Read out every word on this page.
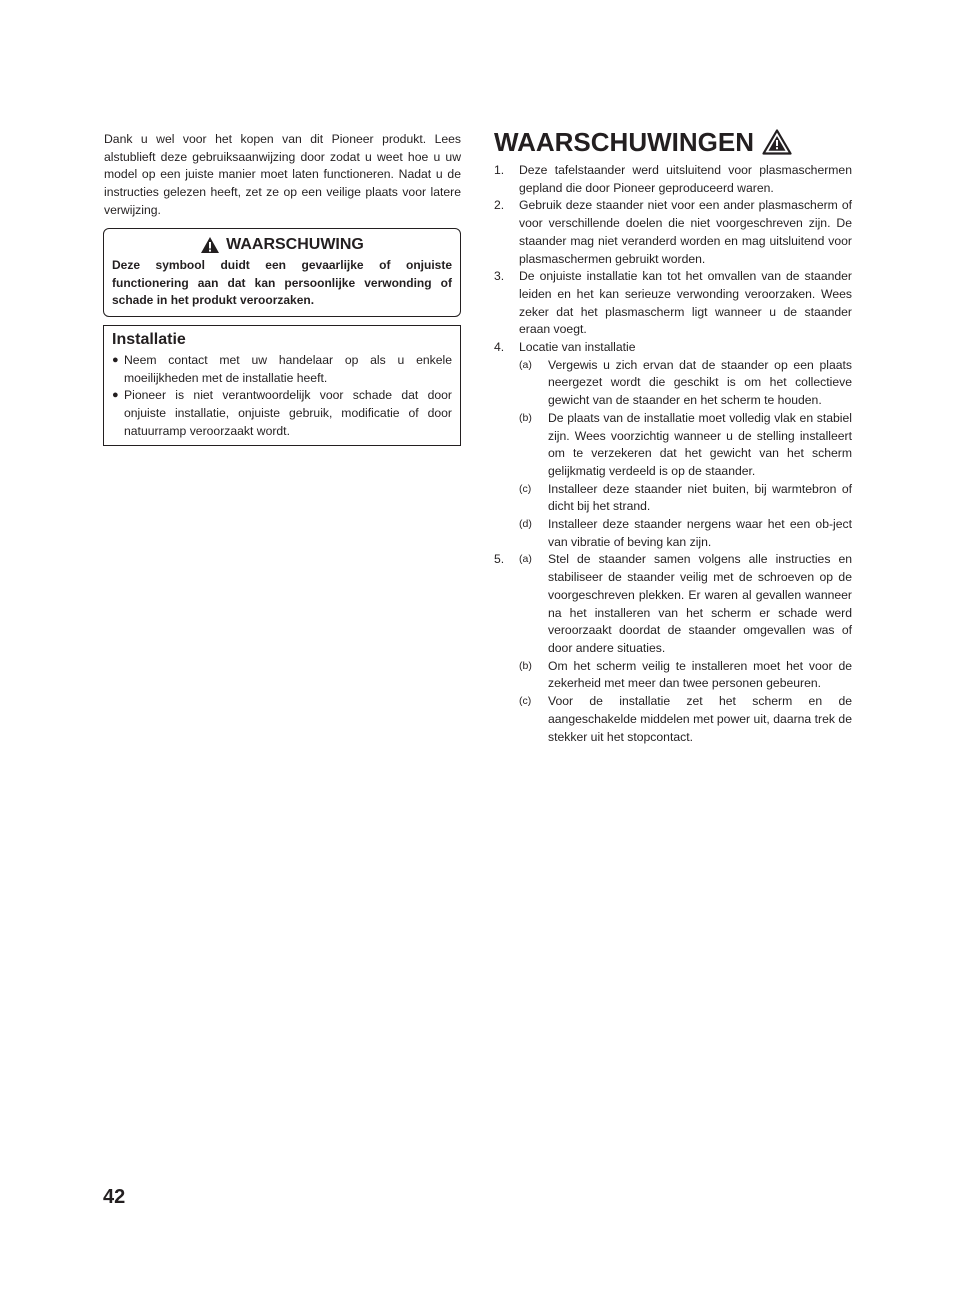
Dank u wel voor het kopen van dit Pioneer produkt. Lees alstublieft deze gebruiksaanwijzing door zodat u weet hoe u uw model op een juiste manier moet laten functioneren. Nadat u de instructies gelezen heeft, zet ze op een veilige plaats voor latere verwijzing.

WAARSCHUWING

Deze symbool duidt een gevaarlijke of onjuiste functionering aan dat kan persoonlijke verwonding of schade in het produkt veroorzaken.

Installatie

● Neem contact met uw handelaar op als u enkele moeilijkheden met de installatie heeft.
● Pioneer is niet verantwoordelijk voor schade dat door onjuiste installatie, onjuiste gebruik, modificatie of door natuurramp veroorzaakt wordt.
WAARSCHUWINGEN
1.	Deze tafelstaander werd uitsluitend voor plasmaschermen gepland die door Pioneer geproduceerd waren.
2.	Gebruik deze staander niet voor een ander plasmascherm of voor verschillende doelen die niet voorgeschreven zijn. De staander mag niet veranderd worden en mag uitsluitend voor plasmaschermen gebruikt worden.
3.	De onjuiste installatie kan tot het omvallen van de staander leiden en het kan serieuze verwonding veroorzaken. Wees zeker dat het plasmascherm ligt wanneer u de staander eraan voegt.
4.	Locatie van installatie
(a)	Vergewis u zich ervan dat de staander op een plaats neergezet wordt die geschikt is om het collectieve gewicht van de staander en het scherm te houden.
(b)	De plaats van de installatie moet volledig vlak en stabiel zijn. Wees voorzichtig wanneer u de stelling installeert om te verzekeren dat het gewicht van het scherm gelijkmatig verdeeld is op de staander.
(c)	Installeer deze staander niet buiten, bij warmtebron of dicht bij het strand.
(d)	Installeer deze staander nergens waar het een ob-ject van vibratie of beving kan zijn.
5.	(a)	Stel de staander samen volgens alle instructies en stabiliseer de staander veilig met de schroeven op de voorgeschreven plekken. Er waren al gevallen wanneer na het installeren van het scherm er schade werd veroorzaakt doordat de staander omgevallen was of door andere situaties.
(b)	Om het scherm veilig te installeren moet het voor de zekerheid met meer dan twee personen gebeuren.
(c)	Voor de installatie zet het scherm en de aangeschakelde middelen met power uit, daarna trek de stekker uit het stopcontact.
42
